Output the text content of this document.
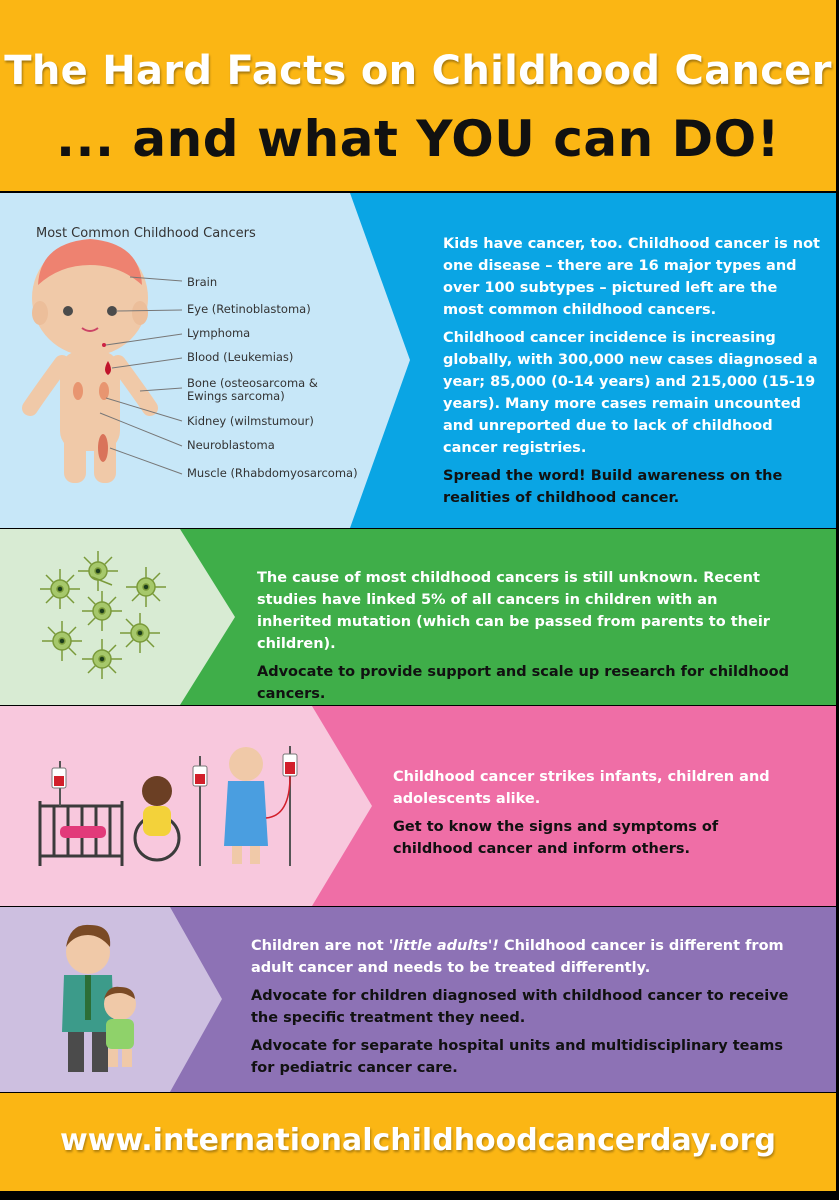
The Hard Facts on Childhood Cancer
... and what YOU can DO!
Most Common Childhood Cancers
Brain
Eye (Retinoblastoma)
Lymphoma
Blood (Leukemias)
Bone (osteosarcoma &
Ewings sarcoma)
Kidney (wilmstumour)
Neuroblastoma
Muscle (Rhabdomyosarcoma)

Kids have cancer, too. Childhood cancer is not one disease – there are 16 major types and over 100 subtypes – pictured left are the most common childhood cancers.

Childhood cancer incidence is increasing globally, with 300,000 new cases diagnosed a year; 85,000 (0-14 years) and 215,000 (15-19 years). Many more cases remain uncounted and unreported due to lack of childhood cancer registries.

Spread the word! Build awareness on the realities of childhood cancer.

The cause of most childhood cancers is still unknown. Recent studies have linked 5% of all cancers in children with an inherited mutation (which can be passed from parents to their children).

Advocate to provide support and scale up research for childhood cancers.

Childhood cancer strikes infants, children and adolescents alike.

Get to know the signs and symptoms of childhood cancer and inform others.

Children are not 'little adults'! Childhood cancer is different from adult cancer and needs to be treated differently.

Advocate for children diagnosed with childhood cancer to receive the specific treatment they need.

Advocate for separate hospital units and multidisciplinary teams for pediatric cancer care.

www.internationalchildhoodcancerday.org
